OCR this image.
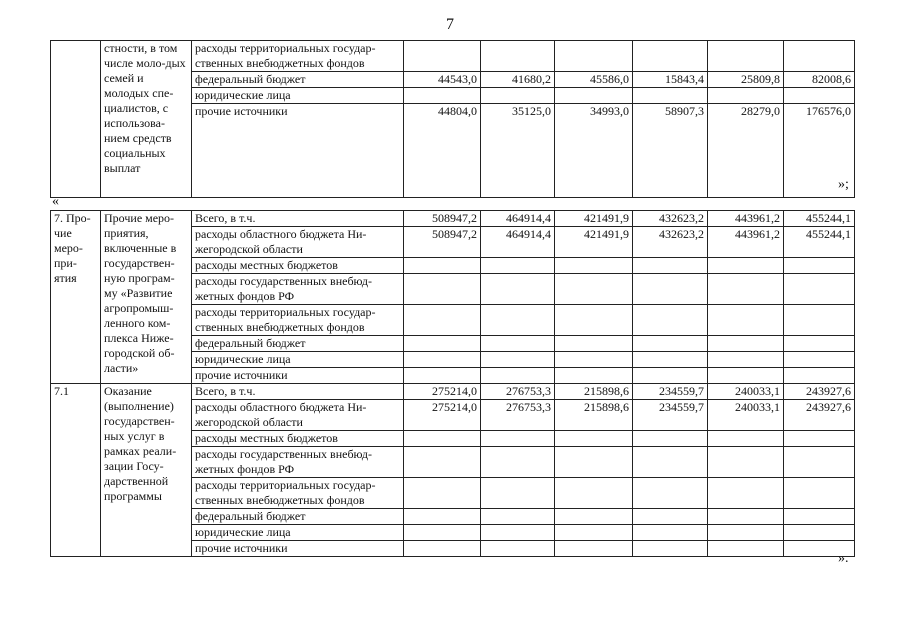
7
	стности, в том числе моло-дых семей и молодых спе-циалистов, с использова-нием средств социальных выплат	расходы территориальных государ-ственных внебюджетных фондов						
		федеральный бюджет	44543,0	41680,2	45586,0	15843,4	25809,8	82008,6
		юридические лица						
		прочие источники	44804,0	35125,0	34993,0	58907,3	28279,0	176576,0
»;
«
7. Про-чие меро-при-ятия	Прочие меро-приятия, включенные в государствен-ную програм-му «Развитие агропромыш-ленного ком-плекса Ниже-городской об-ласти»	Всего, в т.ч.	508947,2	464914,4	421491,9	432623,2	443961,2	455244,1
		расходы областного бюджета Ни-жегородской области	508947,2	464914,4	421491,9	432623,2	443961,2	455244,1
		расходы местных бюджетов						
		расходы государственных внебюд-жетных фондов РФ						
		расходы территориальных государ-ственных внебюджетных фондов						
		федеральный бюджет						
		юридические лица						
		прочие источники						
7.1	Оказание (выполнение) государствен-ных услуг в рамках реали-зации Госу-дарственной программы	Всего, в т.ч.	275214,0	276753,3	215898,6	234559,7	240033,1	243927,6
		расходы областного бюджета Ни-жегородской области	275214,0	276753,3	215898,6	234559,7	240033,1	243927,6
		расходы местных бюджетов						
		расходы государственных внебюд-жетных фондов РФ						
		расходы территориальных государ-ственных внебюджетных фондов						
		федеральный бюджет						
		юридические лица						
		прочие источники						
».
